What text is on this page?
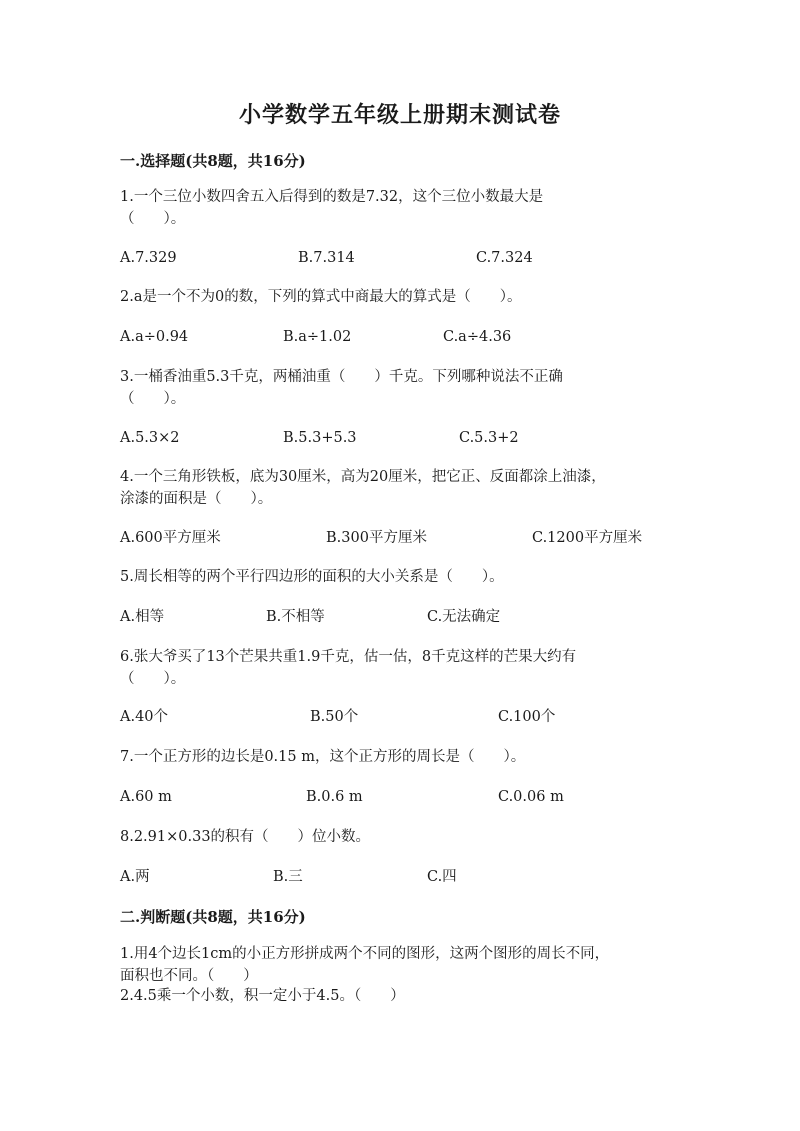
小学数学五年级上册期末测试卷
一.选择题(共8题，共16分)
1.一个三位小数四舍五入后得到的数是7.32，这个三位小数最大是
（　　）。
A.7.329	B.7.314	C.7.324
2.a是一个不为0的数，下列的算式中商最大的算式是（　　）。
A.a÷0.94	B.a÷1.02	C.a÷4.36
3.一桶香油重5.3千克，两桶油重（　　）千克。下列哪种说法不正确
（　　）。
A.5.3×2	B.5.3+5.3	C.5.3+2
4.一个三角形铁板，底为30厘米，高为20厘米，把它正、反面都涂上油漆，
涂漆的面积是（　　）。
A.600平方厘米	B.300平方厘米	C.1200平方厘米
5.周长相等的两个平行四边形的面积的大小关系是（　　）。
A.相等	B.不相等	C.无法确定
6.张大爷买了13个芒果共重1.9千克，估一估，8千克这样的芒果大约有
（　　）。
A.40个	B.50个	C.100个
7.一个正方形的边长是0.15 m，这个正方形的周长是（　　）。
A.60 m	B.0.6 m	C.0.06 m
8.2.91×0.33的积有（　　）位小数。
A.两	B.三	C.四
二.判断题(共8题，共16分)
1.用4个边长1cm的小正方形拼成两个不同的图形，这两个图形的周长不同，
面积也不同。（　　）
2.4.5乘一个小数，积一定小于4.5。（　　）
